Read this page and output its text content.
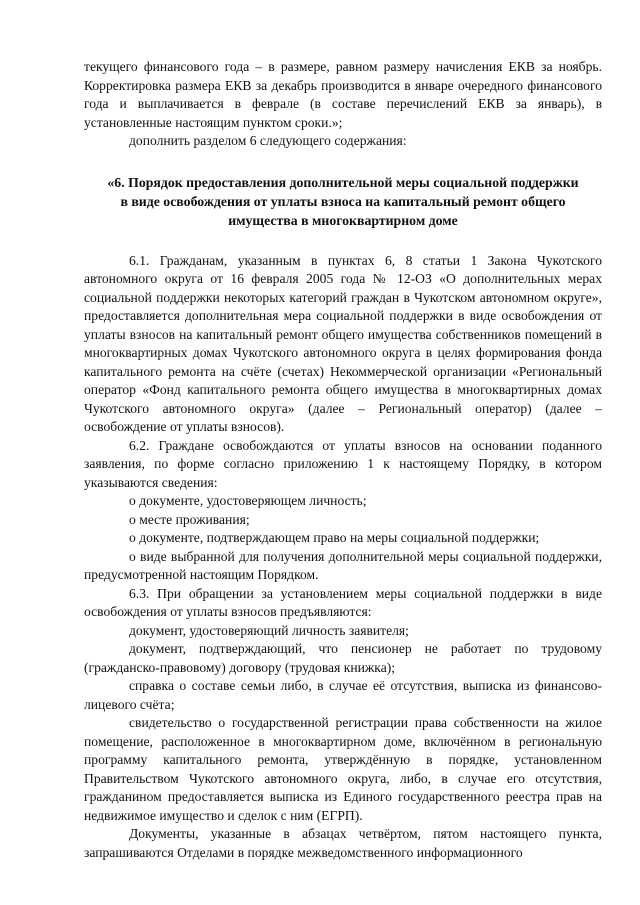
текущего финансового года – в размере, равном размеру начисления ЕКВ за ноябрь. Корректировка размера ЕКВ за декабрь производится в январе очередного финансового года и выплачивается в феврале (в составе перечислений ЕКВ за январь), в установленные настоящим пунктом сроки.»;

дополнить разделом 6 следующего содержания:

«6. Порядок предоставления дополнительной меры социальной поддержки
в виде освобождения от уплаты взноса на капитальный ремонт общего
имущества в многоквартирном доме

6.1. Гражданам, указанным в пунктах 6, 8 статьи 1 Закона Чукотского автономного округа от 16 февраля 2005 года № 12-ОЗ «О дополнительных мерах социальной поддержки некоторых категорий граждан в Чукотском автономном округе», предоставляется дополнительная мера социальной поддержки в виде освобождения от уплаты взносов на капитальный ремонт общего имущества собственников помещений в многоквартирных домах Чукотского автономного округа в целях формирования фонда капитального ремонта на счёте (счетах) Некоммерческой организации «Региональный оператор «Фонд капитального ремонта общего имущества в многоквартирных домах Чукотского автономного округа» (далее – Региональный оператор) (далее – освобождение от уплаты взносов).

6.2. Граждане освобождаются от уплаты взносов на основании поданного заявления, по форме согласно приложению 1 к настоящему Порядку, в котором указываются сведения:

о документе, удостоверяющем личность;

о месте проживания;

о документе, подтверждающем право на меры социальной поддержки;

о виде выбранной для получения дополнительной меры социальной поддержки, предусмотренной настоящим Порядком.

6.3. При обращении за установлением меры социальной поддержки в виде освобождения от уплаты взносов предъявляются:

документ, удостоверяющий личность заявителя;

документ, подтверждающий, что пенсионер не работает по трудовому (гражданско-правовому) договору (трудовая книжка);

справка о составе семьи либо, в случае её отсутствия, выписка из финансово-лицевого счёта;

свидетельство о государственной регистрации права собственности на жилое помещение, расположенное в многоквартирном доме, включённом в региональную программу капитального ремонта, утверждённую в порядке, установленном Правительством Чукотского автономного округа, либо, в случае его отсутствия, гражданином предоставляется выписка из Единого государственного реестра прав на недвижимое имущество и сделок с ним (ЕГРП).

Документы, указанные в абзацах четвёртом, пятом настоящего пункта, запрашиваются Отделами в порядке межведомственного информационного
